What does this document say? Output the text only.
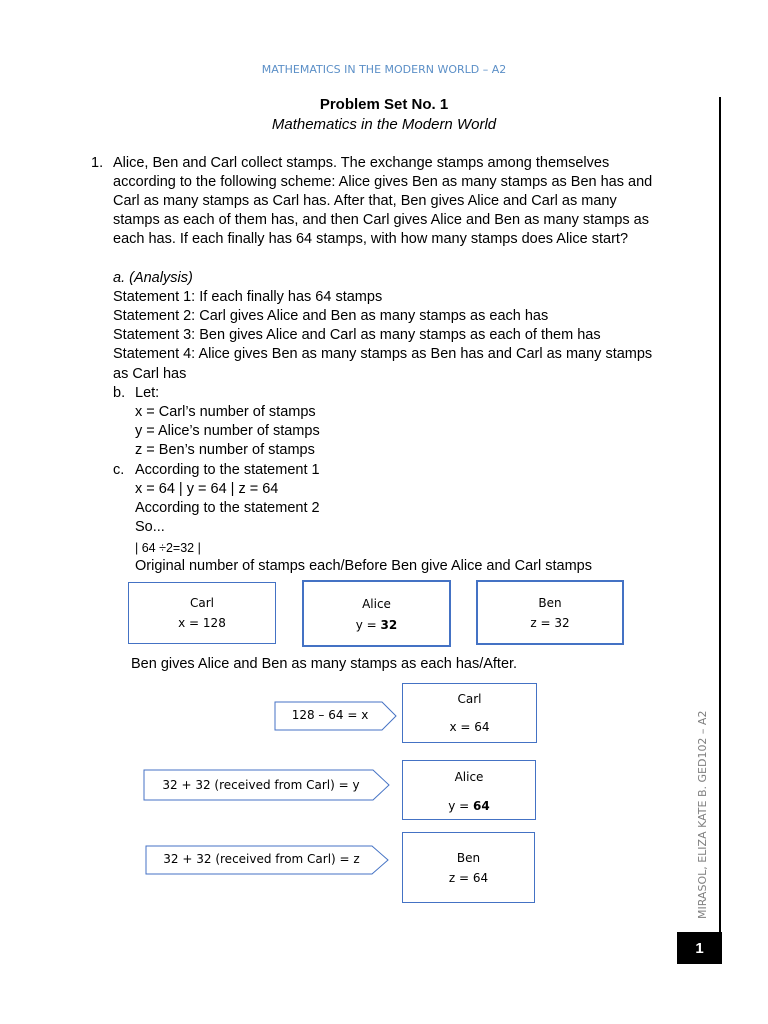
MATHEMATICS IN THE MODERN WORLD – A2
MIRASOL, ELIZA KATE B. GED102 – A2
1
Problem Set No. 1
Mathematics in the Modern World
1. Alice, Ben and Carl collect stamps. The exchange stamps among themselves
according to the following scheme: Alice gives Ben as many stamps as Ben has and
Carl as many stamps as Carl has. After that, Ben gives Alice and Carl as many
stamps as each of them has, and then Carl gives Alice and Ben as many stamps as
each has. If each finally has 64 stamps, with how many stamps does Alice start?
a. (Analysis)
Statement 1: If each finally has 64 stamps
Statement 2: Carl gives Alice and Ben as many stamps as each has
Statement 3: Ben gives Alice and Carl as many stamps as each of them has
Statement 4: Alice gives Ben as many stamps as Ben has and Carl as many stamps
as Carl has
b. Let:
x = Carl’s number of stamps
y = Alice’s number of stamps
z = Ben’s number of stamps
c. According to the statement 1
x = 64 | y = 64 | z = 64
According to the statement 2
So...
| 64 ÷2=32 |
Original number of stamps each/Before Ben give Alice and Carl stamps
Carl
x = 128
Alice
y = 32
Ben
z = 32
Ben gives Alice and Ben as many stamps as each has/After.
128 – 64 = x
Carl
x = 64
32 + 32 (received from Carl) = y
Alice
y = 64
32 + 32 (received from Carl) = z	Ben
z = 64
